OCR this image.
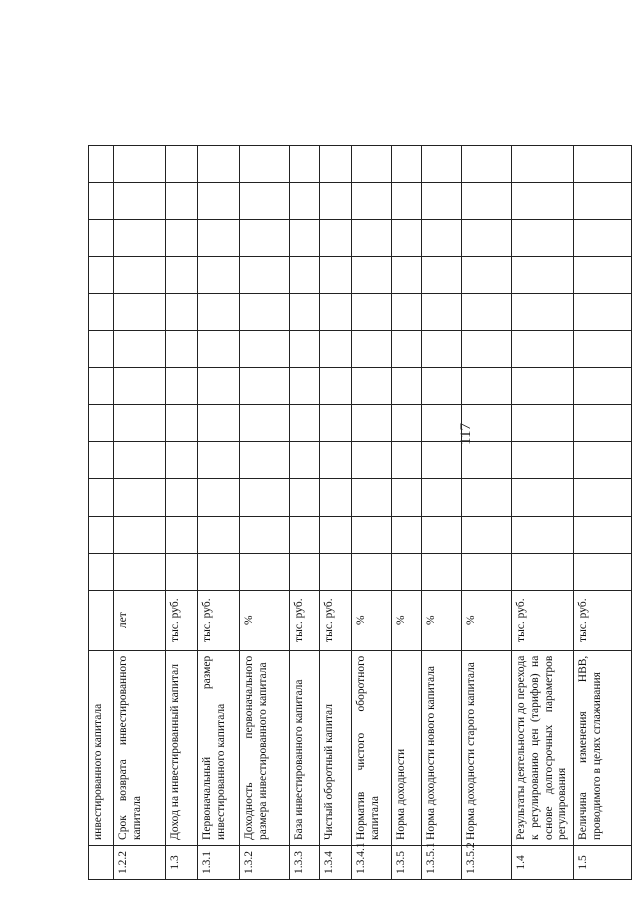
117
	инвестированного капитала													
1.2.2	Срок возврата инвестированного капитала	лет												
1.3	Доход на инвестированный капитал	тыс. руб.												
1.3.1	Первоначальный размер инвестированного капитала	тыс. руб.												
1.3.2	Доходность первоначального размера инвестированного капитала	%												
1.3.3	База инвестированного капитала	тыс. руб.												
1.3.4	Чистый оборотный капитал	тыс. руб.												
1.3.4.1	Норматив чистого оборотного капитала	%												
1.3.5	Норма доходности	%												
1.3.5.1	Норма доходности нового капитала	%												
1.3.5.2	Норма доходности старого капитала	%												
1.4	Результаты деятельности до перехода к регулированию цен (тарифов) на основе долгосрочных параметров регулирования	тыс. руб.												
1.5	Величина изменения НВВ, проводимого в целях сглаживания	тыс. руб.												
